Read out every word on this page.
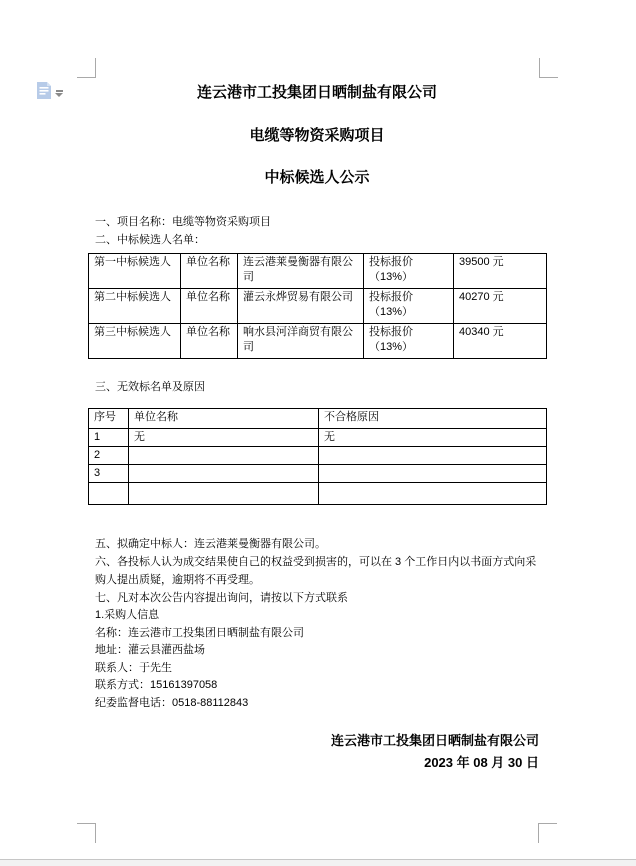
连云港市工投集团日晒制盐有限公司
电缆等物资采购项目
中标候选人公示
一、项目名称：电缆等物资采购项目
二、中标候选人名单：
第一中标候选人	单位名称	连云港莱曼衡器有限公司	投标报价（13%）	39500 元
第二中标候选人	单位名称	灌云永烨贸易有限公司	投标报价（13%）	40270 元
第三中标候选人	单位名称	响水县河洋商贸有限公司	投标报价（13%）	40340 元
三、无效标名单及原因
序号	单位名称	不合格原因
1	无	无
2		
3		

五、拟确定中标人：连云港莱曼衡器有限公司。
六、各投标人认为成交结果使自己的权益受到损害的，可以在 3 个工作日内以书面方式向采购人提出质疑，逾期将不再受理。
七、凡对本次公告内容提出询问，请按以下方式联系
1.采购人信息
名称：连云港市工投集团日晒制盐有限公司
地址：灌云县灌西盐场
联系人：于先生
联系方式：15161397058
纪委监督电话：0518-88112843
连云港市工投集团日晒制盐有限公司
2023 年 08 月 30 日
